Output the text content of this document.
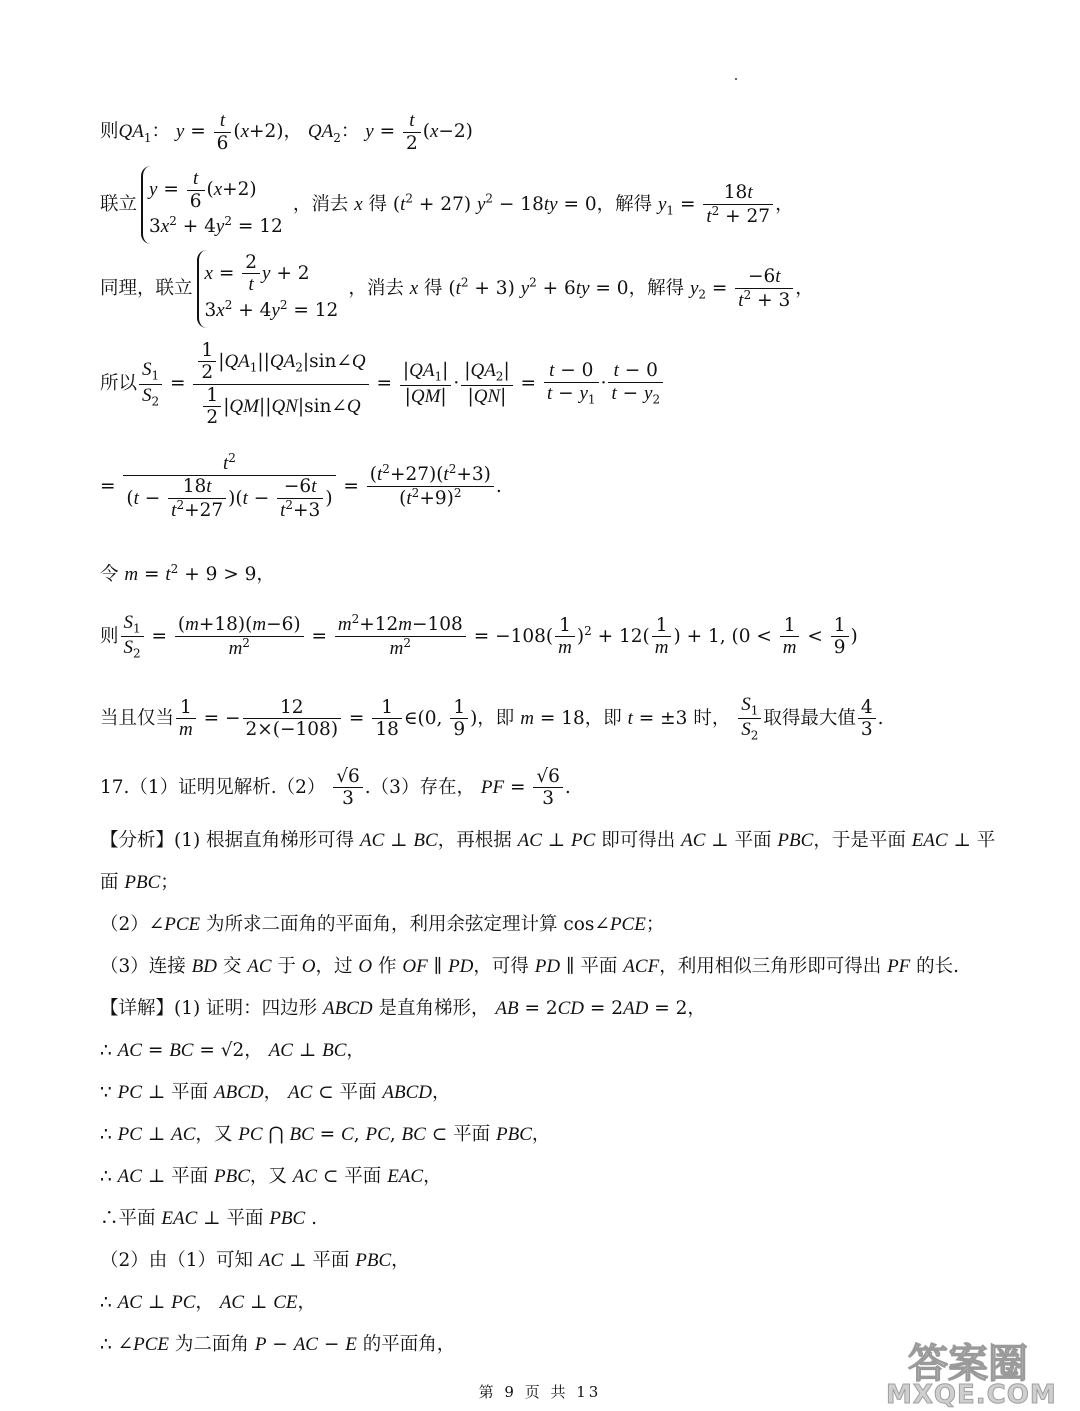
则$QA_1$： $y = \frac{t}{6} (x+2)$， $QA_2$： $y = \frac{t}{2} (x-2)$
联立
$y = \frac{t}{6} (x+2)$
$3x^2 + 4y^2 = 12$
，消去 x 得 $(t^2 + 27) y^2 - 18ty = 0$，解得 $y_1 = \frac{18t}{t^2 + 27}$ ，
同理，联立
$x = \frac{2}{t}$ y + 2
$3x^2 + 4y^2 = 12$
，消去 x 得 $(t^2 + 3) y^2 + 6ty = 0$，解得 $y_2 = \frac{-6t}{t^2 + 3}$ ，
所以 $\frac{S_1}{S_2} = \frac{\frac{1}{2} |QA_1||QA_2|\sin\angle Q}{\frac{1}{2} |QM||QN|\sin\angle Q} = \frac{|QA_1|}{|QM|} \cdot \frac{|QA_2|}{|QN|} = \frac{t - 0}{t - y_1} \cdot \frac{t - 0}{t - y_2}$
= $\frac{t^2}{(t - \frac{18t}{t^2+27} )(t - \frac{-6t}{t^2+3} )} = \frac{(t^2+27)(t^2+3)}{(t^2+9)^2}$ .
令 $m = t^2 + 9 > 9$，
则 $\frac{S_1}{S_2} = \frac{(m+18)(m-6)}{m^2} = \frac{m^2+12m-108}{m^2} = -108( \frac{1}{m} )^2 + 12( \frac{1}{m}$ ) + 1, ($0 < \frac{1}{m} < \frac{1}{9}$ )
当且仅当 $\frac{1}{m}$ = − $\frac{12}{2\times(-108)} = \frac{1}{18}$ ∈(0, $\frac{1}{9}$ )，即 m = 18，即 t = ±3 时， $\frac{S_1}{S_2}$ 取得最大值 $\frac{4}{3}$ .
17.（1）证明见解析$.(2) \frac{√6}{3} .(3)$存在， PF = $\frac{√6}{3}$ .
【分析】(1) 根据直角梯形可得 AC ⊥ BC，再根据 AC ⊥ PC 即可得出 AC ⊥ 平面 PBC，于是平面 EAC ⊥ 平
面 PBC；
（2）∠PCE 为所求二面角的平面角，利用余弦定理计算 cos∠PCE；
（3）连接 BD 交 AC 于 O，过 O 作 OF ∥ PD，可得 PD ∥ 平面 ACF，利用相似三角形即可得出 PF 的长.
【详解】(1) 证明：四边形 ABCD 是直角梯形， AB = 2CD = 2AD = 2，
∴ AC = BC = √2， AC ⊥ BC，
∵ PC ⊥ 平面 ABCD， AC ⊂ 平面 ABCD，
∴ PC ⊥ AC，又 PC ⋂ BC = C, PC, BC ⊂ 平面 PBC，
∴ AC ⊥ 平面 PBC，又 AC ⊂ 平面 EAC，
∴平面 EAC ⊥ 平面 PBC .
（2）由（1）可知 AC ⊥ 平面 PBC，
∴ AC ⊥ PC， AC ⊥ CE，
∴ ∠PCE 为二面角 P − AC − E 的平面角，
第 9 页 共 13
答案圈
MXQE.COM
